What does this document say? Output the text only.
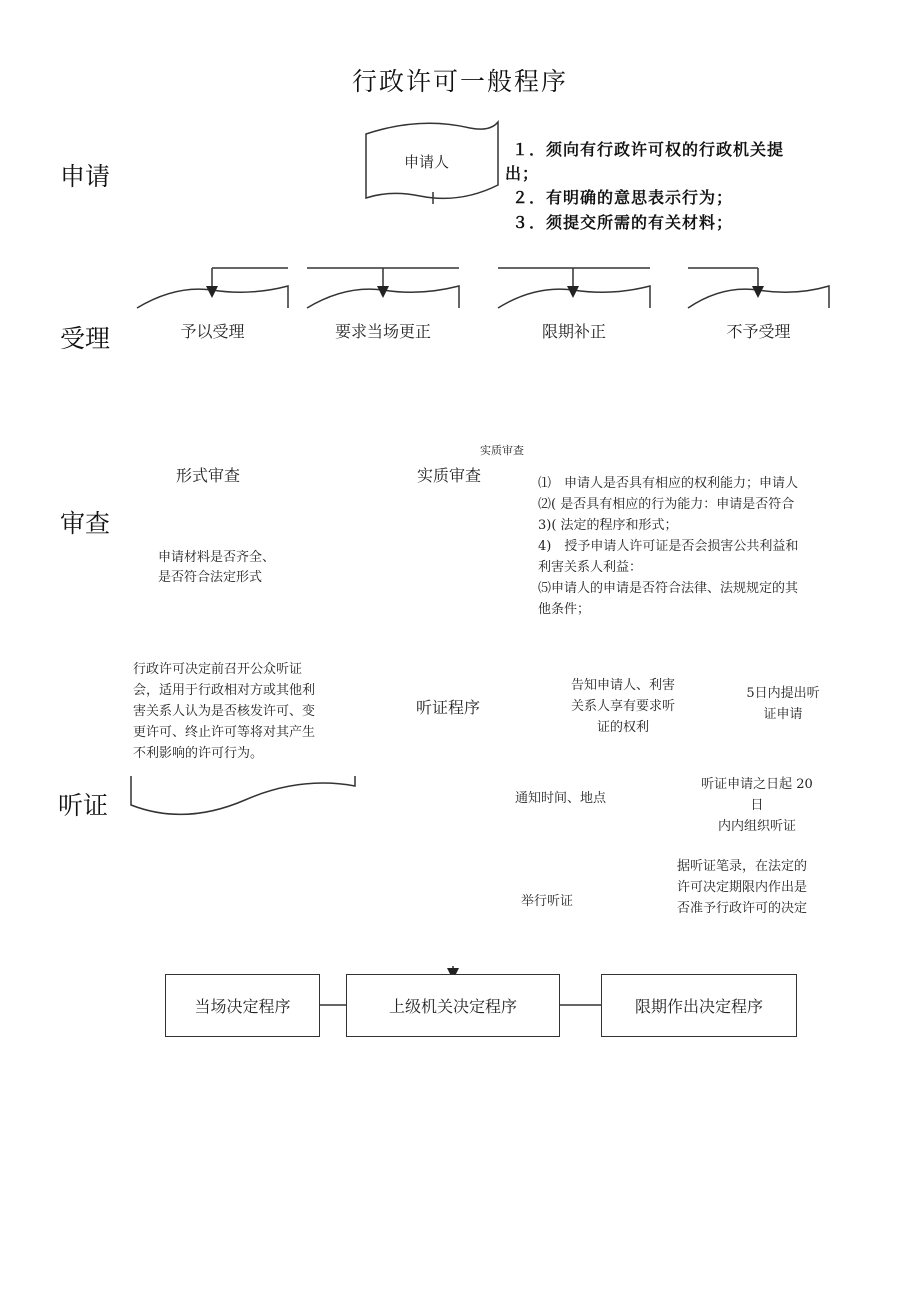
行政许可一般程序
申请
受理
审查
听证
申请人
１．须向有行政许可权的行政机关提
出；
２．有明确的意思表示行为；
３．须提交所需的有关材料；
予以受理	要求当场更正	限期补正	不予受理
实质审查
形式审查	实质审查
申请材料是否齐全、
是否符合法定形式
⑴　申请人是否具有相应的权利能力；申请人
⑵( 是否具有相应的行为能力：申请是否符合
3)( 法定的程序和形式；
4)　授予申请人许可证是否会损害公共利益和
利害关系人利益：
⑸申请人的申请是否符合法律、法规规定的其
他条件；
行政许可决定前召开公众听证
会，适用于行政相对方或其他利
害关系人认为是否核发许可、变
更许可、终止许可等将对其产生
不利影响的许可行为。
听证程序
告知申请人、利害
关系人享有要求听
证的权利
5日内提出听
证申请
通知时间、地点
听证申请之日起 20
日
内内组织听证
举行听证
据听证笔录，在法定的
许可决定期限内作出是
否准予行政许可的决定
当场决定程序	上级机关决定程序	限期作出决定程序
